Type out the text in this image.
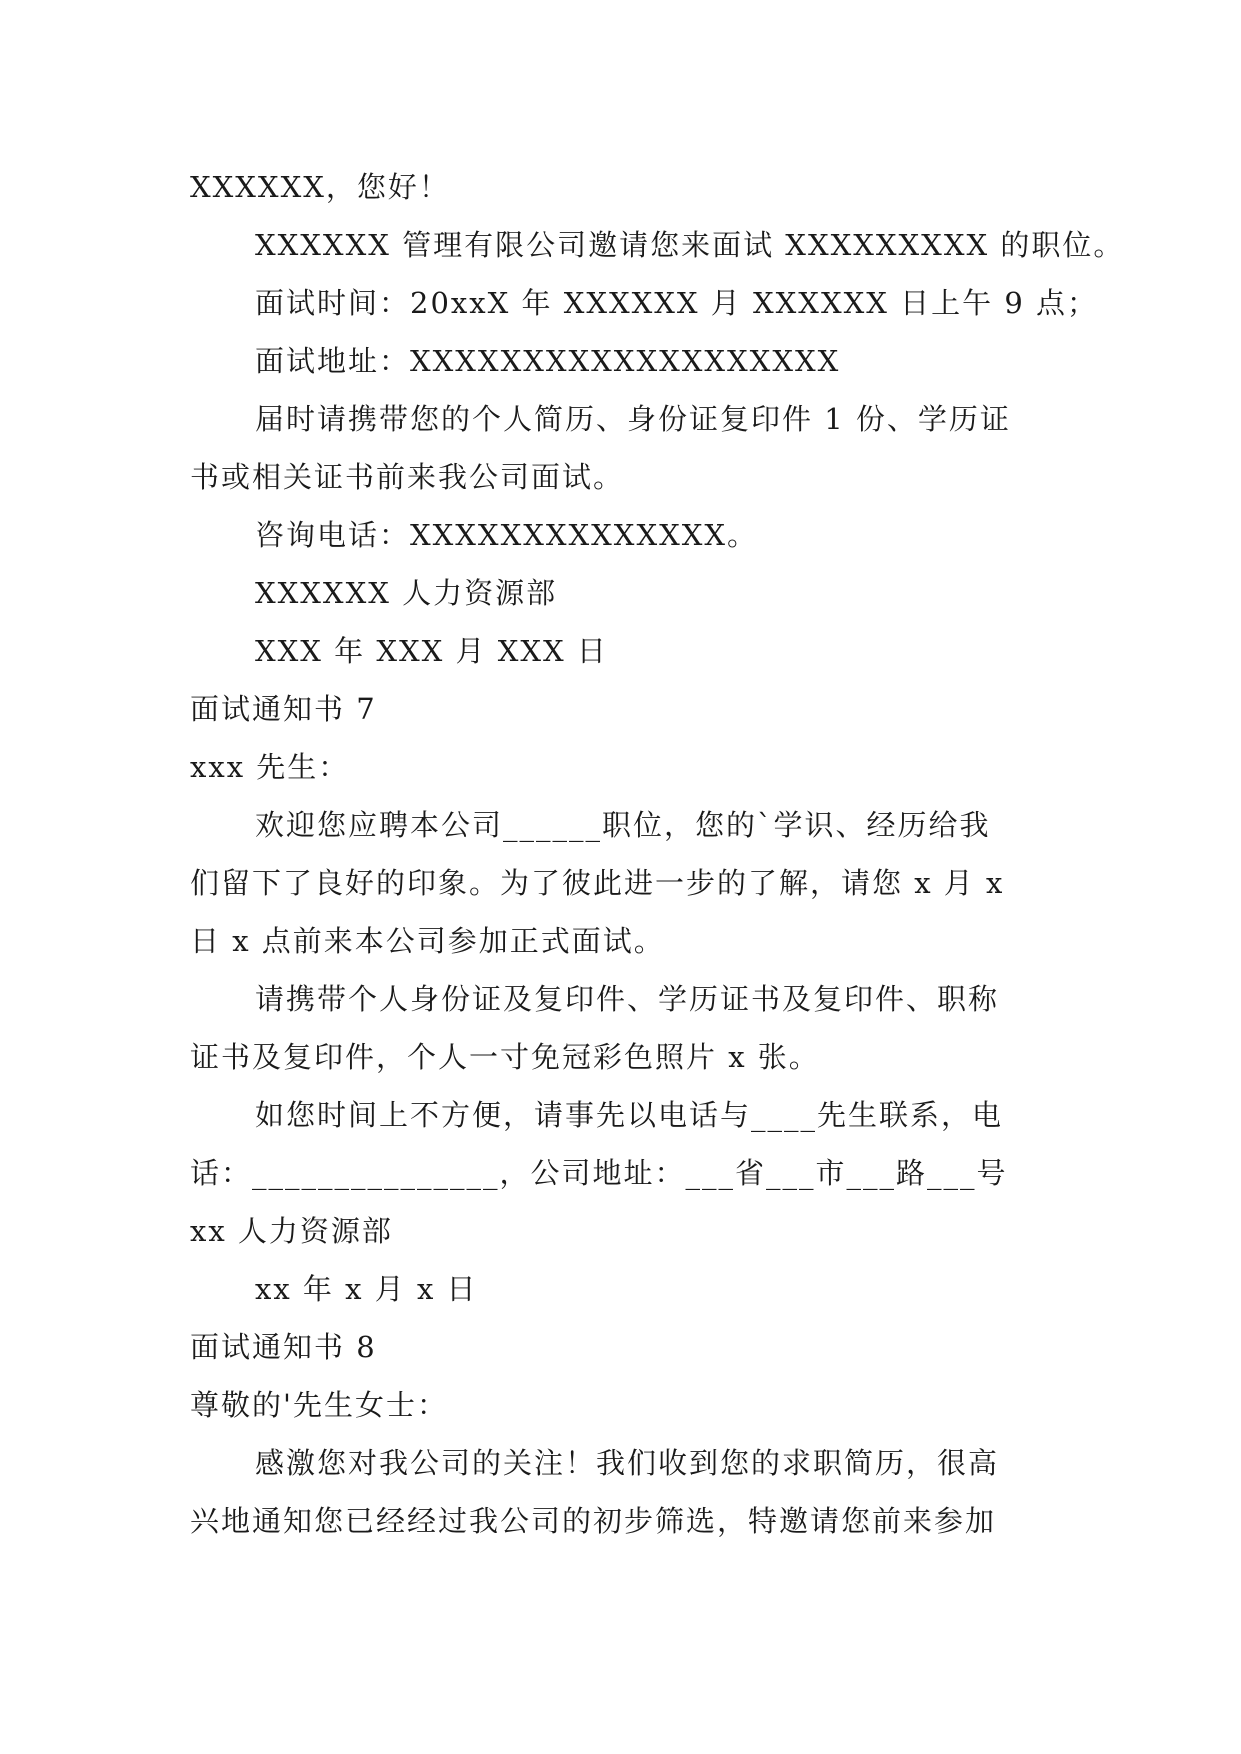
XXXXXX，您好！
XXXXXX 管理有限公司邀请您来面试 XXXXXXXXX 的职位。
面试时间：20xxX 年 XXXXXX 月 XXXXXX 日上午 9 点；
面试地址：XXXXXXXXXXXXXXXXXXX
届时请携带您的个人简历、身份证复印件 1 份、学历证
书或相关证书前来我公司面试。
咨询电话：XXXXXXXXXXXXXX。
XXXXXX 人力资源部
XXX 年 XXX 月 XXX 日
面试通知书 7
xxx 先生：
欢迎您应聘本公司______职位，您的`学识、经历给我
们留下了良好的印象。为了彼此进一步的了解，请您 x 月 x
日 x 点前来本公司参加正式面试。
请携带个人身份证及复印件、学历证书及复印件、职称
证书及复印件，个人一寸免冠彩色照片 x 张。
如您时间上不方便，请事先以电话与____先生联系，电
话：_______________，公司地址：___省___市___路___号
xx 人力资源部
xx 年 x 月 x 日
面试通知书 8
尊敬的'先生女士：
感激您对我公司的关注！我们收到您的求职简历，很高
兴地通知您已经经过我公司的初步筛选，特邀请您前来参加
